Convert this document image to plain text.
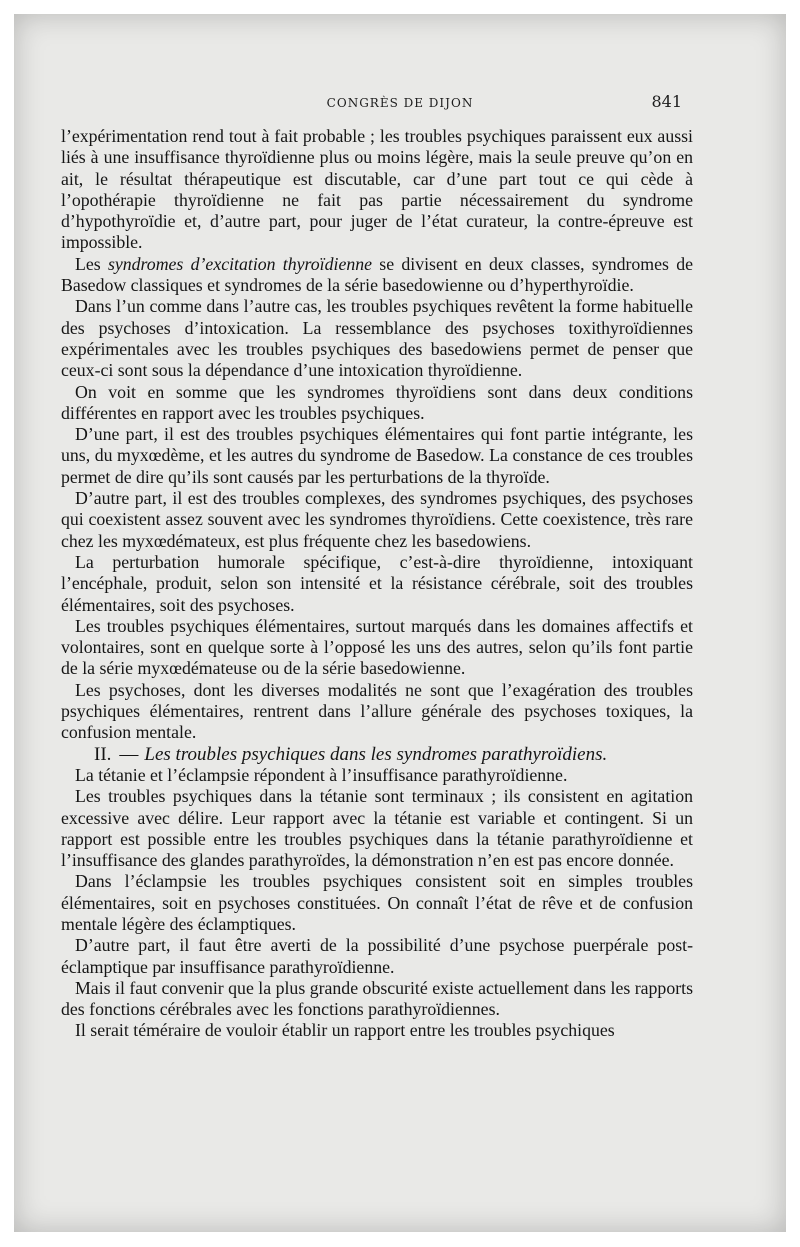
CONGRÈS DE DIJON	841

l’expérimentation rend tout à fait probable ; les troubles psychiques paraissent eux aussi liés à une insuffisance thyroïdienne plus ou moins légère, mais la seule preuve qu’on en ait, le résultat thérapeutique est discutable, car d’une part tout ce qui cède à l’opothérapie thyroïdienne ne fait pas partie nécessairement du syndrome d’hypothyroïdie et, d’autre part, pour juger de l’état curateur, la contre-épreuve est impossible.

Les syndromes d’excitation thyroïdienne se divisent en deux classes, syndromes de Basedow classiques et syndromes de la série basedowienne ou d’hyperthyroïdie.

Dans l’un comme dans l’autre cas, les troubles psychiques revêtent la forme habituelle des psychoses d’intoxication. La ressemblance des psychoses toxithyroïdiennes expérimentales avec les troubles psychiques des basedowiens permet de penser que ceux-ci sont sous la dépendance d’une intoxication thyroïdienne.

On voit en somme que les syndromes thyroïdiens sont dans deux conditions différentes en rapport avec les troubles psychiques.

D’une part, il est des troubles psychiques élémentaires qui font partie intégrante, les uns, du myxœdème, et les autres du syndrome de Basedow. La constance de ces troubles permet de dire qu’ils sont causés par les perturbations de la thyroïde.

D’autre part, il est des troubles complexes, des syndromes psychiques, des psychoses qui coexistent assez souvent avec les syndromes thyroïdiens. Cette coexistence, très rare chez les myxœdémateux, est plus fréquente chez les basedowiens.

La perturbation humorale spécifique, c’est-à-dire thyroïdienne, intoxiquant l’encéphale, produit, selon son intensité et la résistance cérébrale, soit des troubles élémentaires, soit des psychoses.

Les troubles psychiques élémentaires, surtout marqués dans les domaines affectifs et volontaires, sont en quelque sorte à l’opposé les uns des autres, selon qu’ils font partie de la série myxœdémateuse ou de la série basedowienne.

Les psychoses, dont les diverses modalités ne sont que l’exagération des troubles psychiques élémentaires, rentrent dans l’allure générale des psychoses toxiques, la confusion mentale.

II. — Les troubles psychiques dans les syndromes parathyroïdiens.

La tétanie et l’éclampsie répondent à l’insuffisance parathyroïdienne.

Les troubles psychiques dans la tétanie sont terminaux ; ils consistent en agitation excessive avec délire. Leur rapport avec la tétanie est variable et contingent. Si un rapport est possible entre les troubles psychiques dans la tétanie parathyroïdienne et l’insuffisance des glandes parathyroïdes, la démonstration n’en est pas encore donnée.

Dans l’éclampsie les troubles psychiques consistent soit en simples troubles élémentaires, soit en psychoses constituées. On connaît l’état de rêve et de confusion mentale légère des éclamptiques.

D’autre part, il faut être averti de la possibilité d’une psychose puerpérale post-éclamptique par insuffisance parathyroïdienne.

Mais il faut convenir que la plus grande obscurité existe actuellement dans les rapports des fonctions cérébrales avec les fonctions parathyroïdiennes.

Il serait téméraire de vouloir établir un rapport entre les troubles psychiques
